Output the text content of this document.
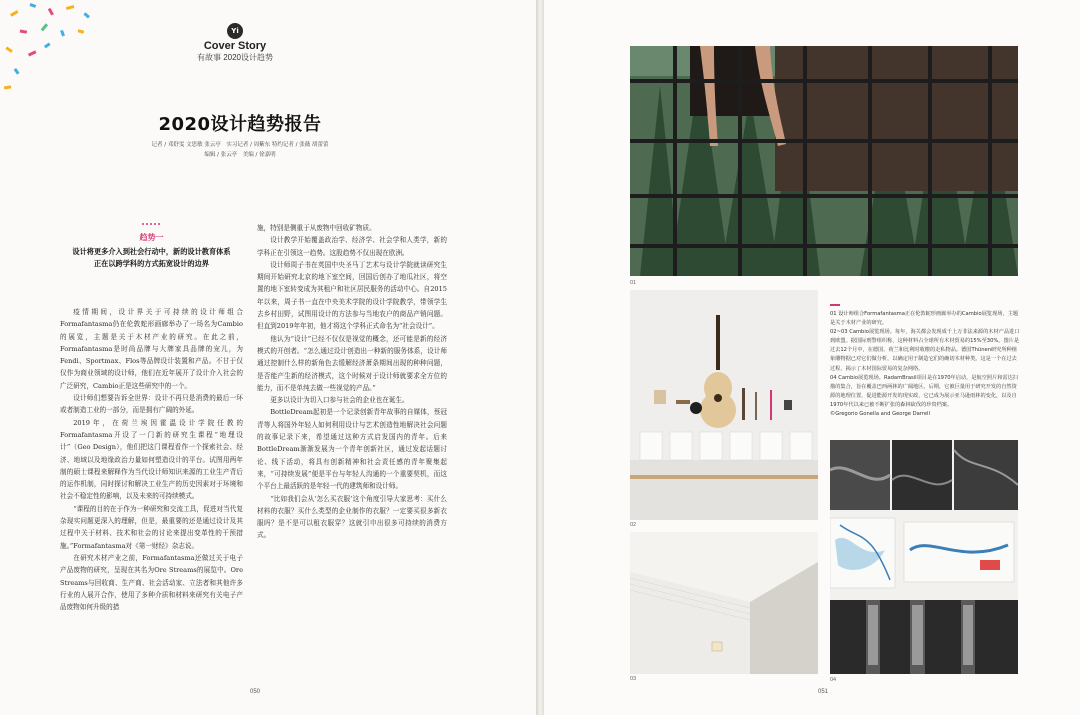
Yi
Cover Story
有故事 2020设计趋势
2020设计趋势报告
记者 / 邓舒雯 文思敏 张云亭　实习记者 / 周紫东 特约记者 / 张薇 胡蕾蕾
编辑 / 张云亭　美编 / 徐嘉明
趋势一
设计将更多介入到社会行动中，新的设计教育体系
正在以跨学科的方式拓宽设计的边界

疫情期间，设计界关于可持续的设计师组合Formafantasma仍在伦敦蛇形画廊举办了一场名为Cambio的展览，主题是关于木材产业的研究。在此之前，Formafantasma是时尚品牌与大牌家具品牌的宠儿，为Fendi、Sportmax、Flos等品牌设计装置和产品。不甘于仅仅作为商业领域的设计师，他们在近年展开了设计介入社会的广泛研究，Cambio正是这些研究中的一个。

设计师们想要告诉全世界：设计不再只是消费的最后一环或者制造工业的一部分，而是拥有广阔的外延。

2019年，在荷兰埃因霍温设计学院任教的Formafantasma开设了一门新的研究生课程“地理设计”（Geo Design），他们把这门课程看作一个探索社会、经济、地域以及地缘政治力量如何塑造设计的平台。试图用两年制的硕士课程来解释作为当代设计师知识来源的工业生产背后的运作机制，同时探讨和解决工业生产的历史因素对于环境和社会不稳定性的影响，以及未来的可持续模式。

“课程的目的在于作为一种研究和交流工具，促进对当代复杂现实问题更深入的理解，但是，最重要的还是通过设计及其过程中关于材料、技术和社会的讨论来提出变革性的干预措施。”Formafantasma对《第一财经》杂志说。

在研究木材产业之前，Formafantasma还做过关于电子产品废物的研究，呈现在其名为Ore Streams的展览中。Ore Streams与回收商、生产商、社会活动家、立法者和其他许多行业的人展开合作，使用了多种介质和材料来研究有关电子产品废物如何升级的措

施，特别是侧重于从废物中回收矿物质。

设计教学开始覆盖政治学、经济学、社会学和人类学，新的学科正在引领这一趋势。这股趋势不仅出现在欧洲。

设计师周子书在英国中央圣马丁艺术与设计学院就读研究生期间开始研究北京的地下室空间，回国后创办了地瓜社区，将空置的地下室转变成为其租户和社区居民服务的活动中心。自2015年以来，周子书一直在中央美术学院的设计学院教学，带领学生去乡村田野，试图用设计的方法参与当地农户的商品产销问题。但直到2019年年初，他才将这个学科正式命名为“社会设计”。

他认为“设计”已经不仅仅是视觉的概念，还可能是新的经济模式的开创者。“怎么通过设计创造出一种新的服务体系，设计师通过控制什么样的新角色去缓解经济萧条期间出现的种种问题，是否能产生新的经济模式，这个时候对于设计师就要求全方位的能力，而不是单纯去做一些视觉的产品。”

更多以设计为切入口参与社会的企业也在诞生。

BottleDream起初是一个记录创新青年故事的自媒体，蔡冠青等人将国外年轻人如何利用设计与艺术创造性地解决社会问题的故事记录下来，希望通过这种方式启发国内的青年。后来BottleDream渐渐发展为一个青年创新社区，通过发起话题讨论、线下活动，将具有创新精神和社会责任感的青年聚集起来，“可持续发展”便是平台与年轻人沟通的一个重要契机，而这个平台上最活跃的是年轻一代的建筑师和设计师。

“比如我们会从‘怎么买衣服’这个角度引导大家思考：买什么材料的衣服？买什么类型的企业制作的衣服？一定要买很多新衣服吗？是不是可以租衣服穿？这就引申出很多可持续的消费方式。

050	051
01
02
03

01 设计师组合Formafantasma正在伦敦蛇形画廊举办的Cambio展览现场，主题是关于木材产业的研究。

02~03 Cambio展览现场。每年，海关都会发现成千上万非法来源的木材产品进口到欧盟。据国际刑警组织称，这种材料占全球所有木材贸易的15%至30%。图片是过去12个月中，在德国、荷兰和比利时收缴的走私物品。德国Thünen研究所种植象雕物据已对它们做分析，以确定用于制造它们的确切木材种类。这是一个在过去过程，揭示了木材国际贸易的复杂网络。

04 Cambio展览现场。RadamBrasil项目是在1970年启动，是航空照片和雷达扫描的集合，旨在覆盖巴西两林的广阔地区。后期，它被巨量用于研究开发的自然资源的地理位置，促进能源开发的现实政，它已成为展示亚马逊雨林的变化，以及自1970年代以来已被不断扩张的森林砍伐的珍贵档案。

©Gregorio Gonella and George Darrell

04
